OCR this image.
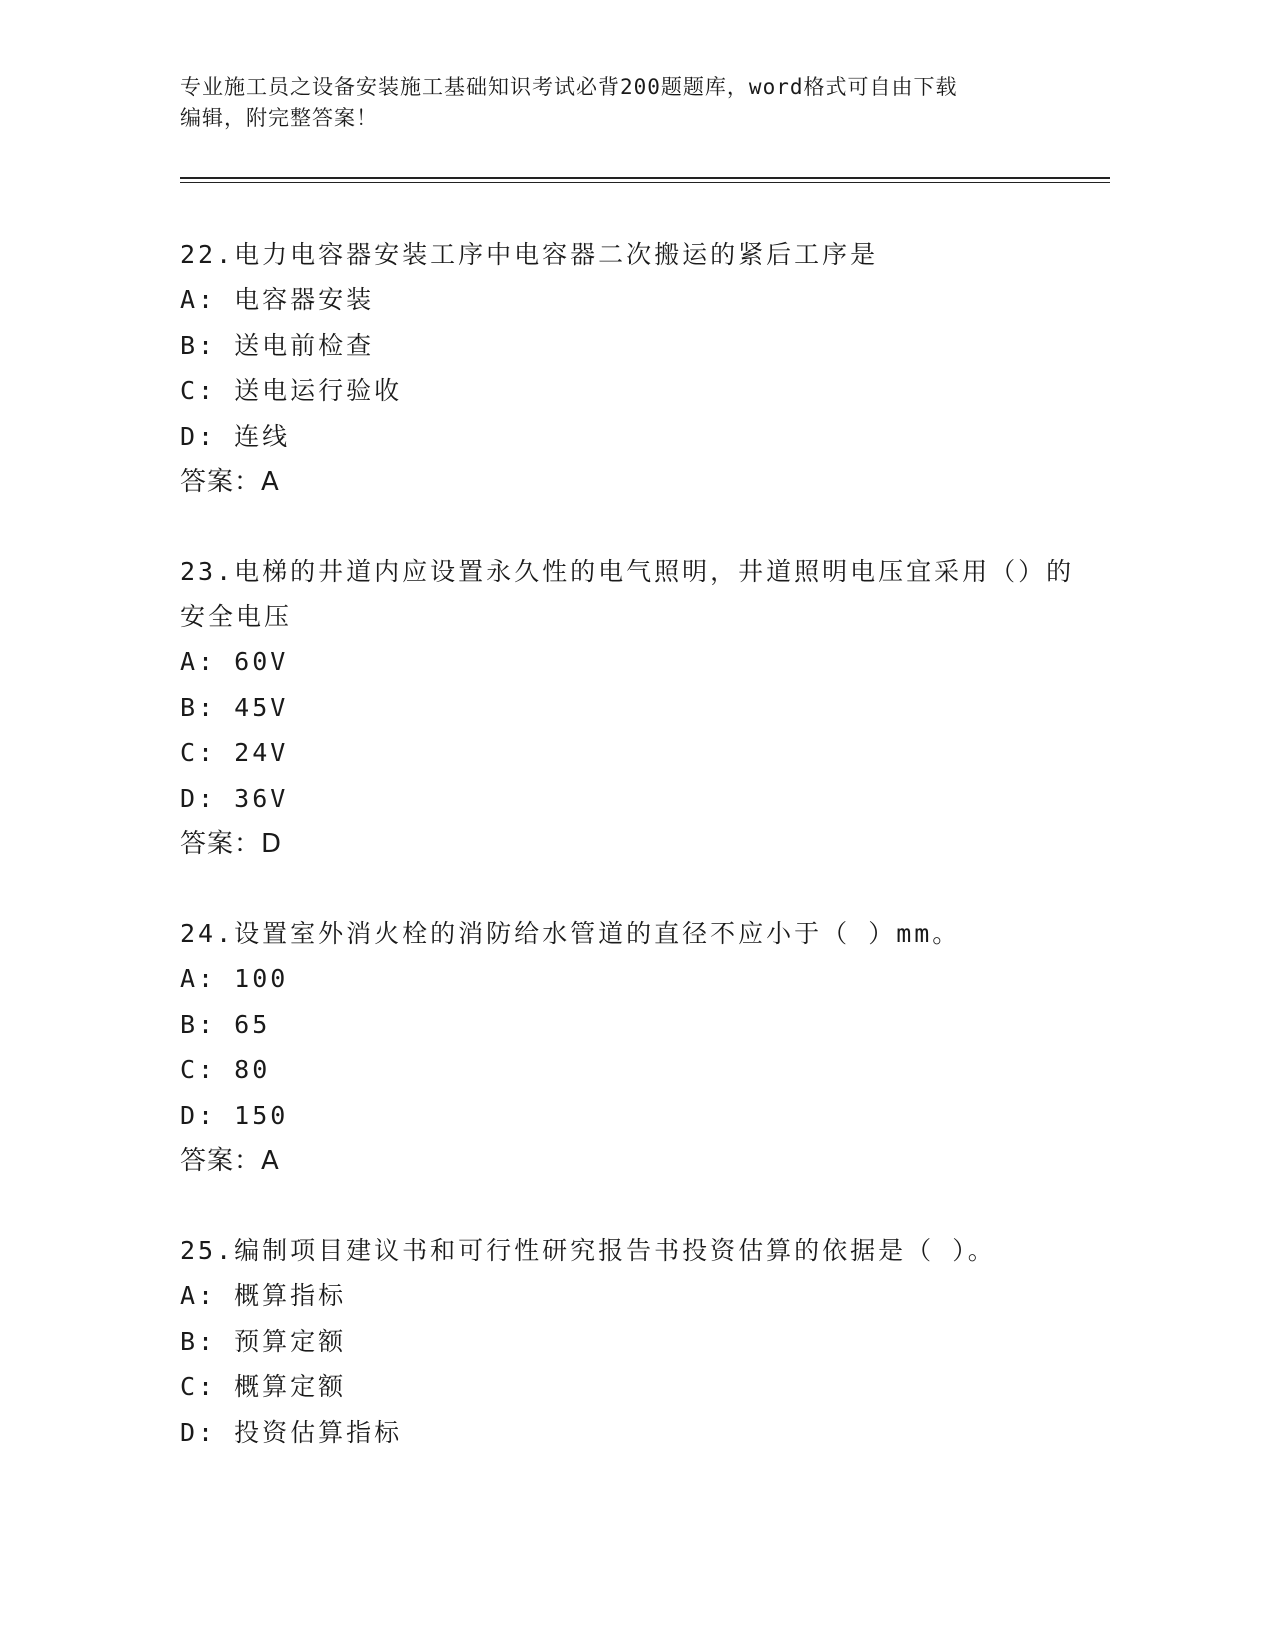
专业施工员之设备安装施工基础知识考试必背200题题库，word格式可自由下载
编辑，附完整答案！

22.电力电容器安装工序中电容器二次搬运的紧后工序是

A: 电容器安装

B: 送电前检查

C: 送电运行验收

D: 连线

答案：A

23.电梯的井道内应设置永久性的电气照明，井道照明电压宜采用（）的安全电压

A: 60V

B: 45V

C: 24V

D: 36V

答案：D

24.设置室外消火栓的消防给水管道的直径不应小于（ ）mm。

A: 100

B: 65

C: 80

D: 150

答案：A

25.编制项目建议书和可行性研究报告书投资估算的依据是（ ）。

A: 概算指标

B: 预算定额

C: 概算定额

D: 投资估算指标
